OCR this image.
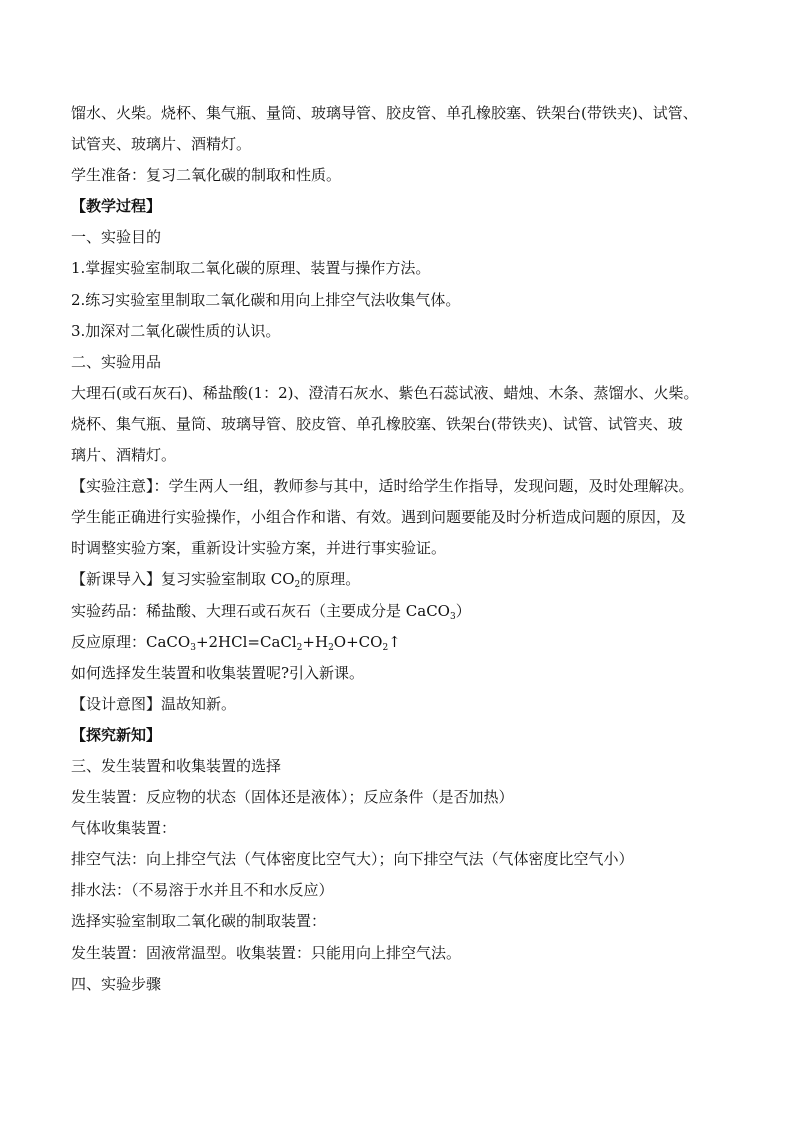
馏水、火柴。烧杯、集气瓶、量筒、玻璃导管、胶皮管、单孔橡胶塞、铁架台(带铁夹)、试管、
试管夹、玻璃片、酒精灯。
学生准备：复习二氧化碳的制取和性质。
【教学过程】
一、实验目的
1.掌握实验室制取二氧化碳的原理、装置与操作方法。
2.练习实验室里制取二氧化碳和用向上排空气法收集气体。
3.加深对二氧化碳性质的认识。
二、实验用品
大理石(或石灰石)、稀盐酸(1：2)、澄清石灰水、紫色石蕊试液、蜡烛、木条、蒸馏水、火柴。
烧杯、集气瓶、量筒、玻璃导管、胶皮管、单孔橡胶塞、铁架台(带铁夹)、试管、试管夹、玻
璃片、酒精灯。
【实验注意】：学生两人一组，教师参与其中，适时给学生作指导，发现问题，及时处理解决。
学生能正确进行实验操作，小组合作和谐、有效。遇到问题要能及时分析造成问题的原因，及
时调整实验方案，重新设计实验方案，并进行事实验证。
【新课导入】复习实验室制取 $CO_2$的原理。
实验药品：稀盐酸、大理石或石灰石（主要成分是 CaCO$_3$）
反应原理：$CaCO_3+2HCl=CaCl_2+H_2O+CO_2↑$
如何选择发生装置和收集装置呢?引入新课。
【设计意图】温故知新。
【探究新知】
三、发生装置和收集装置的选择
发生装置：反应物的状态（固体还是液体）；反应条件（是否加热）
气体收集装置：
排空气法：向上排空气法（气体密度比空气大）；向下排空气法（气体密度比空气小）
排水法：（不易溶于水并且不和水反应）
选择实验室制取二氧化碳的制取装置：
发生装置：固液常温型。收集装置：只能用向上排空气法。
四、实验步骤
